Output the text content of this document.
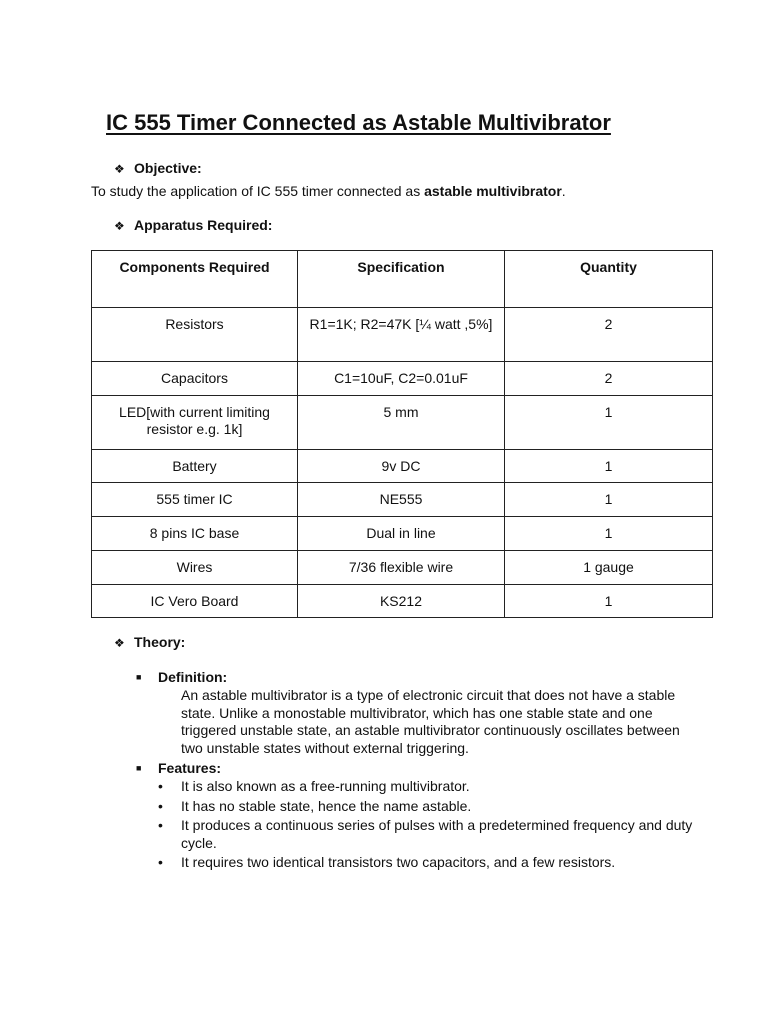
IC 555 Timer Connected as Astable Multivibrator
❖ Objective:
To study the application of IC 555 timer connected as astable multivibrator.
❖ Apparatus Required:
Components Required	Specification	Quantity
Resistors	R1=1K; R2=47K [¼ watt ,5%]	2
Capacitors	C1=10uF, C2=0.01uF	2
LED[with current limiting resistor e.g. 1k]	5 mm	1
Battery	9v DC	1
555 timer IC	NE555	1
8 pins IC base	Dual in line	1
Wires	7/36 flexible wire	1 gauge
IC Vero Board	KS212	1
❖ Theory:
■ Definition:
An astable multivibrator is a type of electronic circuit that does not have a stable state. Unlike a monostable multivibrator, which has one stable state and one triggered unstable state, an astable multivibrator continuously oscillates between two unstable states without external triggering.
■ Features:
• It is also known as a free-running multivibrator.
• It has no stable state, hence the name astable.
• It produces a continuous series of pulses with a predetermined frequency and duty cycle.
• It requires two identical transistors two capacitors, and a few resistors.
